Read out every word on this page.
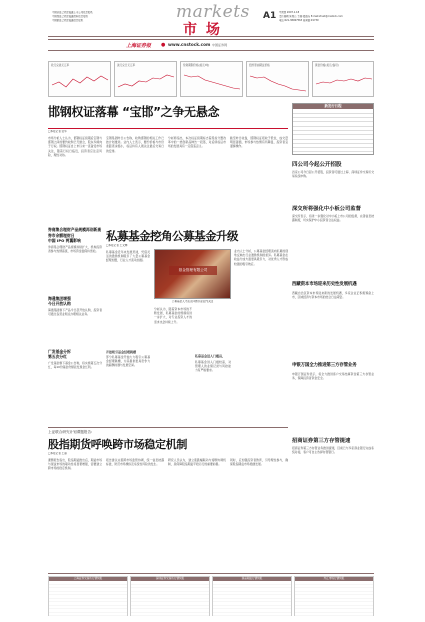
中国证监会指定披露上市公司信息报纸
中国保监会指定披露保险信息报纸
中国银监会指定披露信息报纸	markets
市 场
A1 星期四 2007.1.18
责任编辑:朱周良 美编:邵海涛 E-mail:zhuzl@cnstock.com
电话:021-38967563 新闻部:91739
上海证券报 ● www.cnstock.com 中国证券网
欧元兑美元汇率	美元兑日元汇率	伦敦期铜价格(美元/吨)	纽约原油期货价格	黄金价格(美元/盎司)
邯钢权证落幕 “宝邯”之争无悬念
□本报记者 张华
市场分析人士认为，邯钢权证到期后宝钢与邯钢之间的要约收购已无悬念，股东多倾向于行权。邯钢权证自上市以来一直备受市场关注，随着行权日临近，投资者应注意风险，理性对待。
宝钢集团昨日公告称，收购邯钢的相关工作已按计划推进。业内人士表示，要约价格与市价差距逐步缩小，权证持有人须关注最后交易日的安排。
分析师指出，本次权证到期标志着股权分置改革中的一类创新品种告一段落，对后续权证市场的发展具有一定借鉴意义。
截至昨日收盘，邯钢权证报收于低位，成交量明显萎缩，市场参与热情有所降温，投资者宜谨慎操作。
券商集合理财产品规模再创新高
券市余额理财日
中国 IPO 两翼影响
券商集合理财产品规模持续扩大，机构投资者参与热情高涨，市场资金面保持宽松。
海通集团增强
今日开放认购
海通集团旗下产品今日起开放认购，投资者可通过各营业网点办理相关业务。
广发基金分拆
第五次分红
广发基金旗下基金公告称，将实施第五次分红，每10份基金份额派发现金红利。
私募基金挖角公募基金升级
□本报记者 王文舞
私募基金近年来发展迅速，凭借灵活的激励机制吸引了大量公募基金经理加盟，行业人才流动加剧。
基金管理有限公司
公募基金人才流失问题引起业内关注
业内人士分析，公募基金经理流向私募的现象反映出行业激励机制的差异。私募基金在收益分成方面更具吸引力，对优秀人才形成较强的吸引效应。
开始吸引基金经理跳槽
部分私募基金开始大力吸引公募基金经理跳槽，为其提供更具竞争力的薪酬待遇与发展空间。
分析认为，随着资本市场的不断发展，私募基金的规模将进一步扩大，对专业投资人才的需求也会持续上升。
私募基金进入门槛高，
私募基金进入门槛较高，对管理人的业绩记录与风控能力有严格要求。
新发行日程

四公司今起公开招股
四家公司今日起公开招股，投资者可通过上海、深圳证券交易所交易系统申购。
深交所将强化中小板公司监督
深交所表示，将进一步强化对中小板上市公司的监督，完善信息披露制度，切实保护中小投资者合法权益。
西藏资本市场迎来历史性发展机遇
西藏自治区资本市场迎来新的发展机遇，多家企业正积极筹备上市，区域经济与资本市场的结合日益紧密。
申银万国全力推进第三方存管业务
申银万国证券表示，将全力推进客户交易结算资金第三方存管业务，保障投资者资金安全。
招商证券第三方存管提速
招商证券第三方存管业务推进提速，目前已与多家商业银行完成系统对接，客户可自主选择存管银行。
上证联合研究计划课题报告:
股指期货呼唤跨市场稳定机制
□本报记者 王丽
课题报告指出，股指期货推出后，期货市场与现货市场的联动性将显著增强，需要建立跨市场的稳定机制。
报告建议完善跨市场监管协调，统一信息披露标准，防范市场操纵及系统性风险的发生。
研究人员认为，建立涨跌幅联动与熔断协调机制，是保障股指期货平稳运行的重要前提。
同时，应加强投资者教育，引导理性参与，确保股指期货市场稳健发展。
上海证券交易所行情快报	深圳证券交易所行情快报	商品期货行情快报	外汇市场行情快报
